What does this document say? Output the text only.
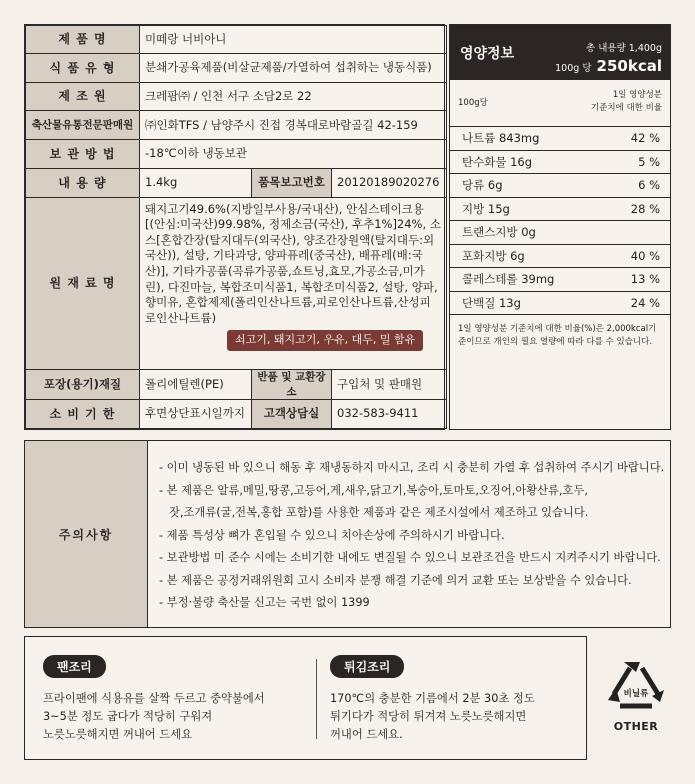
제 품 명	미떼랑 너비아니		
식 품 유 형	분쇄가공육제품(비살균제품/가열하여 섭취하는 냉동식품)		
제 조 원	크레팜㈜ / 인천 서구 소담2로 22		
축산물유통전문판매원	㈜인화TFS / 남양주시 진접 경복대로바람골길 42-159		
보 관 방 법	-18℃이하 냉동보관		
내 용 량	1.4kg	품목보고번호	20120189020276
원 재 료 명	돼지고기49.6%(지방일부사용/국내산), 안심스테이크용[(안심:미국산)99.98%, 정제소금(국산), 후추1%]24%, 소스[혼합간장(탈지대두(외국산), 양조간장원액(탈지대두:외국산)), 설탕, 기타과당, 양파퓨레(중국산), 배퓨레(배:국산)], 기타가공품(곡류가공품,쇼트닝,효모,가공소금,미가린), 다진마늘, 복합조미식품1, 복합조미식품2, 설탕, 양파, 향미유, 혼합제제(폴리인산나트륨,피로인산나트륨,산성피로인산나트륨)
쇠고기, 돼지고기, 우유, 대두, 밀 함유		
포장(용기)재질	폴리에틸렌(PE)	반품 및 교환장소	구입처 및 판매원
소 비 기 한	후면상단표시일까지	고객상담실	032-583-9411
영양정보	총 내용량 1,400g
100g 당 250kcal
100g당
1일 영양성분
기준치에 대한 비율
나트륨 843mg	42 %
탄수화물 16g	5 %
당류 6g	6 %
지방 15g	28 %
트랜스지방 0g
포화지방 6g	40 %
콜레스테롤 39mg	13 %
단백질 13g	24 %
1일 영양성분 기준치에 대한 비율(%)은 2,000kcal기준이므로 개인의 필요 열량에 따라 다를 수 있습니다.
주의사항
- 이미 냉동된 바 있으니 해동 후 재냉동하지 마시고, 조리 시 충분히 가열 후 섭취하여 주시기 바랍니다.
- 본 제품은 알류,메밀,땅콩,고등어,게,새우,닭고기,복숭아,토마토,오징어,아황산류,호두,
잣,조개류(굴,전복,홍합 포함)를 사용한 제품과 같은 제조시설에서 제조하고 있습니다.
- 제품 특성상 뼈가 혼입될 수 있으니 치아손상에 주의하시기 바랍니다.
- 보관방법 미 준수 시에는 소비기한 내에도 변질될 수 있으니 보관조건을 반드시 지켜주시기 바랍니다.
- 본 제품은 공정거래위원회 고시 소비자 분쟁 해결 기준에 의거 교환 또는 보상받을 수 있습니다.
- 부정·불량 축산물 신고는 국번 없이 1399
팬조리
프라이팬에 식용유를 살짝 두르고 중약불에서
3~5분 정도 굽다가 적당히 구워져
노릇노릇해지면 꺼내어 드세요
튀김조리
170℃의 충분한 기름에서 2분 30초 정도
튀기다가 적당히 튀겨져 노릇노릇해지면
꺼내어 드세요.
비닐류
OTHER
